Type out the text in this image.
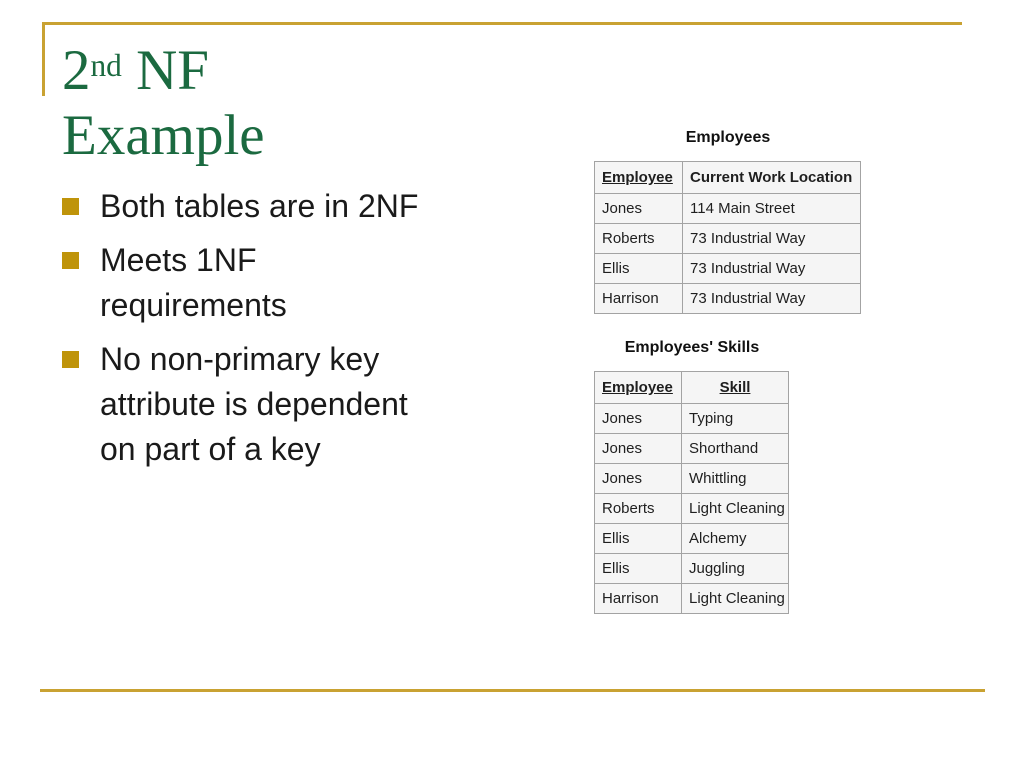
2nd NF
Example
Both tables are in 2NF
Meets 1NF
requirements
No non-primary key
attribute is dependent
on part of a key
Employees
Employee	Current Work Location
Jones	114 Main Street
Roberts	73 Industrial Way
Ellis	73 Industrial Way
Harrison	73 Industrial Way
Employees' Skills
Employee	Skill
Jones	Typing
Jones	Shorthand
Jones	Whittling
Roberts	Light Cleaning
Ellis	Alchemy
Ellis	Juggling
Harrison	Light Cleaning
